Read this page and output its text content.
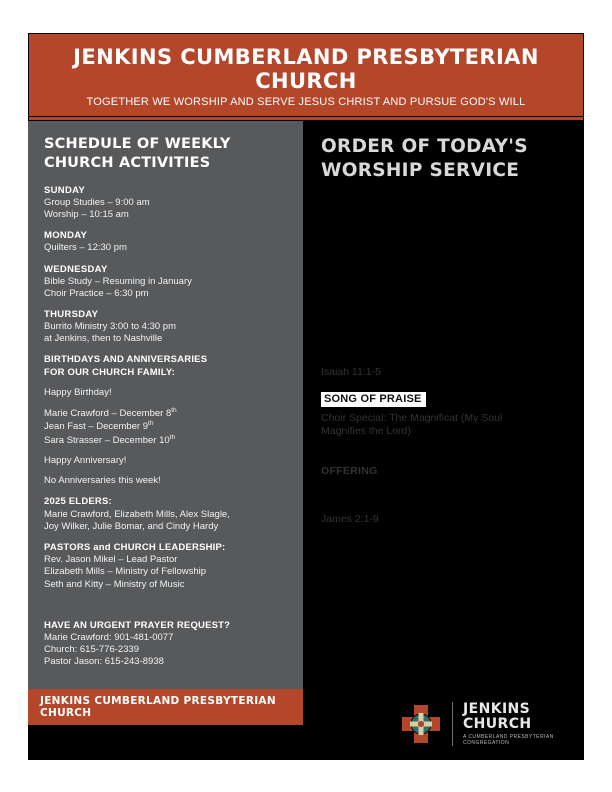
JENKINS CUMBERLAND PRESBYTERIAN CHURCH
TOGETHER WE WORSHIP AND SERVE JESUS CHRIST AND PURSUE GOD'S WILL
SCHEDULE OF WEEKLY
CHURCH ACTIVITIES

SUNDAY

Group Studies – 9:00 am

Worship – 10:15 am

MONDAY

Quilters – 12:30 pm

WEDNESDAY

Bible Study – Resuming in January

Choir Practice – 6:30 pm

THURSDAY

Burrito Ministry 3:00 to 4:30 pm

at Jenkins, then to Nashville

BIRTHDAYS AND ANNIVERSARIES

FOR OUR CHURCH FAMILY:

Happy Birthday!

Marie Crawford – December 8th

Jean Fast – December 9th

Sara Strasser – December 10th

Happy Anniversary!

No Anniversaries this week!

2025 ELDERS:

Marie Crawford, Elizabeth Mills, Alex Slagle,

Joy Wilker, Julie Bomar, and Cindy Hardy

PASTORS and CHURCH LEADERSHIP:

Rev. Jason Mikel – Lead Pastor

Elizabeth Mills – Ministry of Fellowship

Seth and Kitty – Ministry of Music

HAVE AN URGENT PRAYER REQUEST?

Marie Crawford: 901-481-0077

Church: 615-776-2339

Pastor Jason: 615-243-8938

ORDER OF TODAY'S
WORSHIP SERVICE

Isaiah 11:1-5

SONG OF PRAISE

Choir Special: The Magnificat (My Soul

Magnifies the Lord)

OFFERING

James 2:1-9

JENKINS CUMBERLAND PRESBYTERIAN CHURCH	JENKINS CHURCH
A CUMBERLAND PRESBYTERIAN CONGREGATION
